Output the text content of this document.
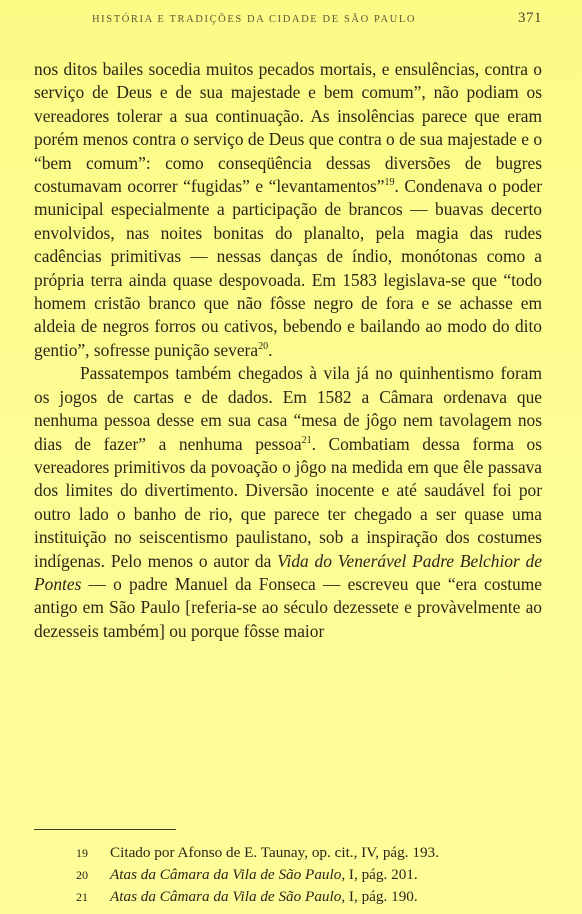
HISTÓRIA E TRADIÇÕES DA CIDADE DE SÃO PAULO	371

nos ditos bailes socedia muitos pecados mortais, e ensulências, contra o serviço de Deus e de sua majestade e bem comum”, não podiam os vereadores tolerar a sua continuação. As insolências parece que eram porém menos contra o serviço de Deus que contra o de sua majestade e o “bem comum”: como conseqüência dessas diversões de bugres costumavam ocorrer “fugidas” e “levantamentos”$^{19}$. Condenava o poder municipal especialmente a participação de brancos — buavas decerto envolvidos, nas noites bonitas do planalto, pela magia das rudes cadências primitivas — nessas danças de índio, monótonas como a própria terra ainda quase despovoada. Em 1583 legislava-se que “todo homem cristão branco que não fôsse negro de fora e se achasse em aldeia de negros forros ou cativos, bebendo e bailando ao modo do dito gentio”, sofresse punição severa$^{20}$.

Passatempos também chegados à vila já no quinhentismo foram os jogos de cartas e de dados. Em 1582 a Câmara ordenava que nenhuma pessoa desse em sua casa “mesa de jôgo nem tavolagem nos dias de fazer” a nenhuma pessoa$^{21}$. Combatiam dessa forma os vereadores primitivos da povoação o jôgo na medida em que êle passava dos limites do divertimento. Diversão inocente e até saudável foi por outro lado o banho de rio, que parece ter chegado a ser quase uma instituição no seiscentismo paulistano, sob a inspiração dos costumes indígenas. Pelo menos o autor da Vida do Venerável Padre Belchior de Pontes — o padre Manuel da Fonseca — escreveu que “era costume antigo em São Paulo [referia-se ao século dezessete e provàvelmente ao dezesseis também] ou porque fôsse maior

19	Citado por Afonso de E. Taunay, op. cit., IV, pág. 193.
20	Atas da Câmara da Vila de São Paulo, I, pág. 201.
21	Atas da Câmara da Vila de São Paulo, I, pág. 190.
